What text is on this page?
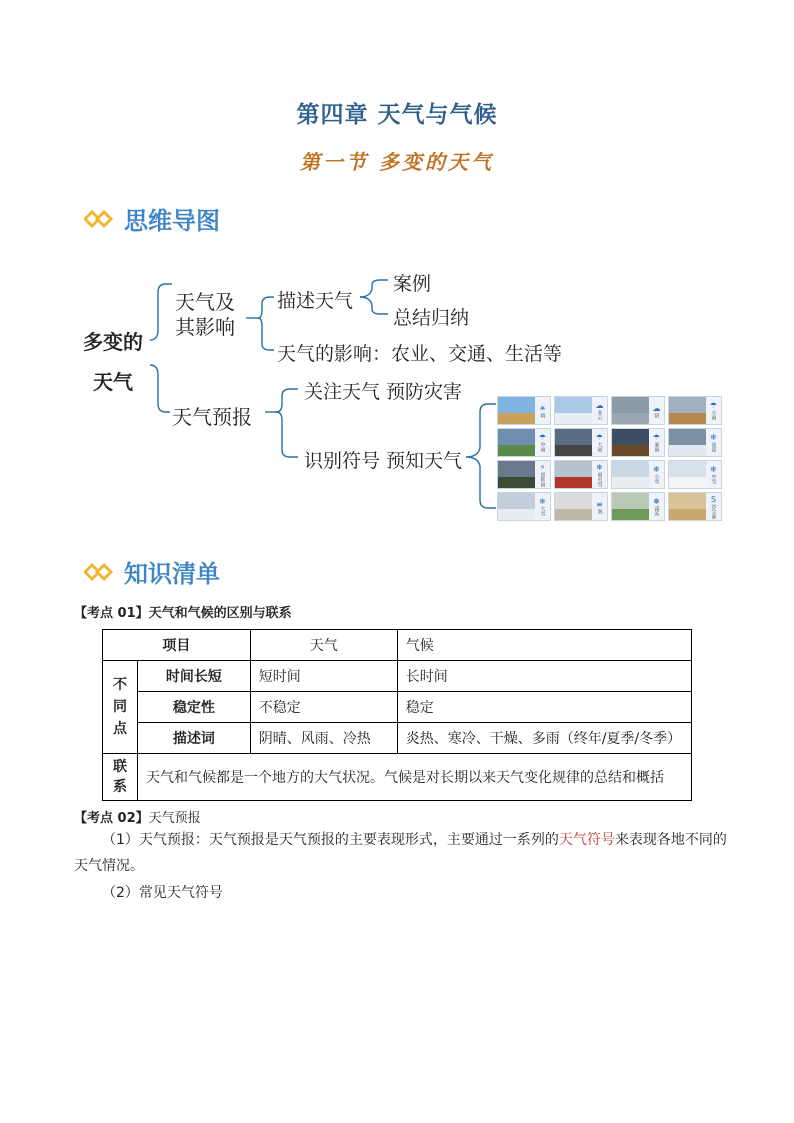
第四章 天气与气候
第一节 多变的天气
思维导图
多变的
天气
天气及
其影响
描述天气
案例
总结归纳
天气的影响：农业、交通、生活等
天气预报
关注天气 预防灾害
识别符号 预知天气
☀
晴
☁
多云
☁
阴
☂
小雨
☂
中雨
☂
大雨
☂
暴雨
❄
冰雹
⚡
雷阵雨
❄
雨夹雪
❄
小雪
❄
中雪
❄
大雪
≡
雾
❅
霜冻
S
沙尘暴
知识清单
【考点 01】天气和气候的区别与联系
项目		天气	气候

不
同
点	时间长短	短时间	长时间
	稳定性	不稳定	稳定
	描述词	阴晴、风雨、冷热	炎热、寒冷、干燥、多雨（终年/夏季/冬季）

联
系	天气和气候都是一个地方的大气状况。气候是对长期以来天气变化规律的总结和概括		
【考点 02】天气预报
（1）天气预报：天气预报是天气预报的主要表现形式，主要通过一系列的天气符号来表现各地不同的
天气情况。
（2）常见天气符号
